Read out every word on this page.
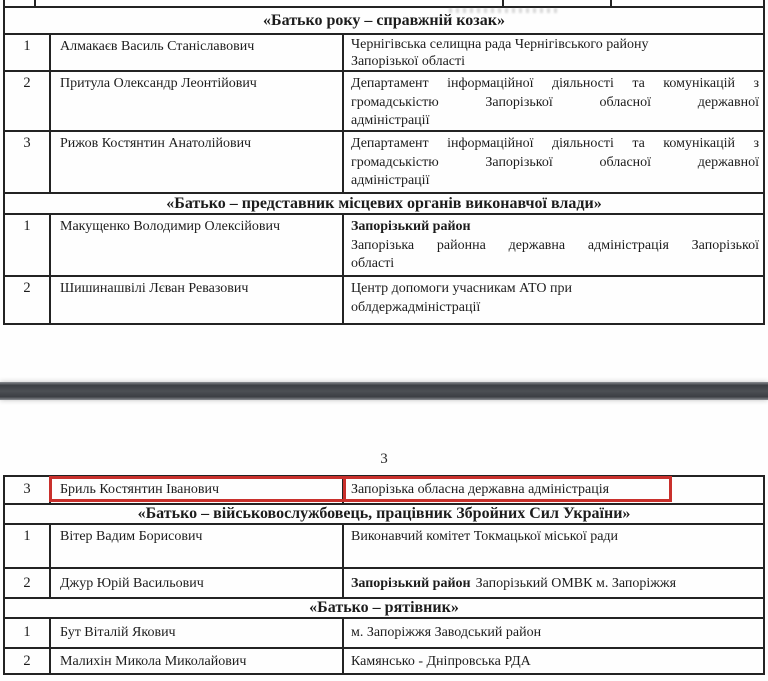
«Батько року – справжній козак»
1	Алмакаєв Василь Станіславович	Чернігівська селищна рада Чернігівського району
Запорізької області
2	Притула Олександр Леонтійович	Департамент інформаційної діяльності та комунікацій з
громадськістю Запорізької обласної державної
адміністрації
3	Рижов Костянтин Анатолійович	Департамент інформаційної діяльності та комунікацій з
громадськістю Запорізької обласної державної
адміністрації
«Батько – представник місцевих органів виконавчої влади»
1	Макущенко Володимир Олексійович	Запорізький район
Запорізька районна державна адміністрація Запорізької
області
2	Шишинашвілі Лєван Ревазович	Центр допомоги учасникам АТО при
облдержадміністрації
3
3	Бриль Костянтин Іванович	Запорізька обласна державна адміністрація
«Батько – військовослужбовець, працівник Збройних Сил України»
1	Вітер Вадим Борисович	Виконавчий комітет Токмацької міської ради
2	Джур Юрій Васильович	Запорізький район Запорізький ОМВК м. Запоріжжя
«Батько – рятівник»
1	Бут Віталій Якович	м. Запоріжжя Заводський район
2	Малихін Микола Миколайович	Камянсько - Дніпровська РДА
